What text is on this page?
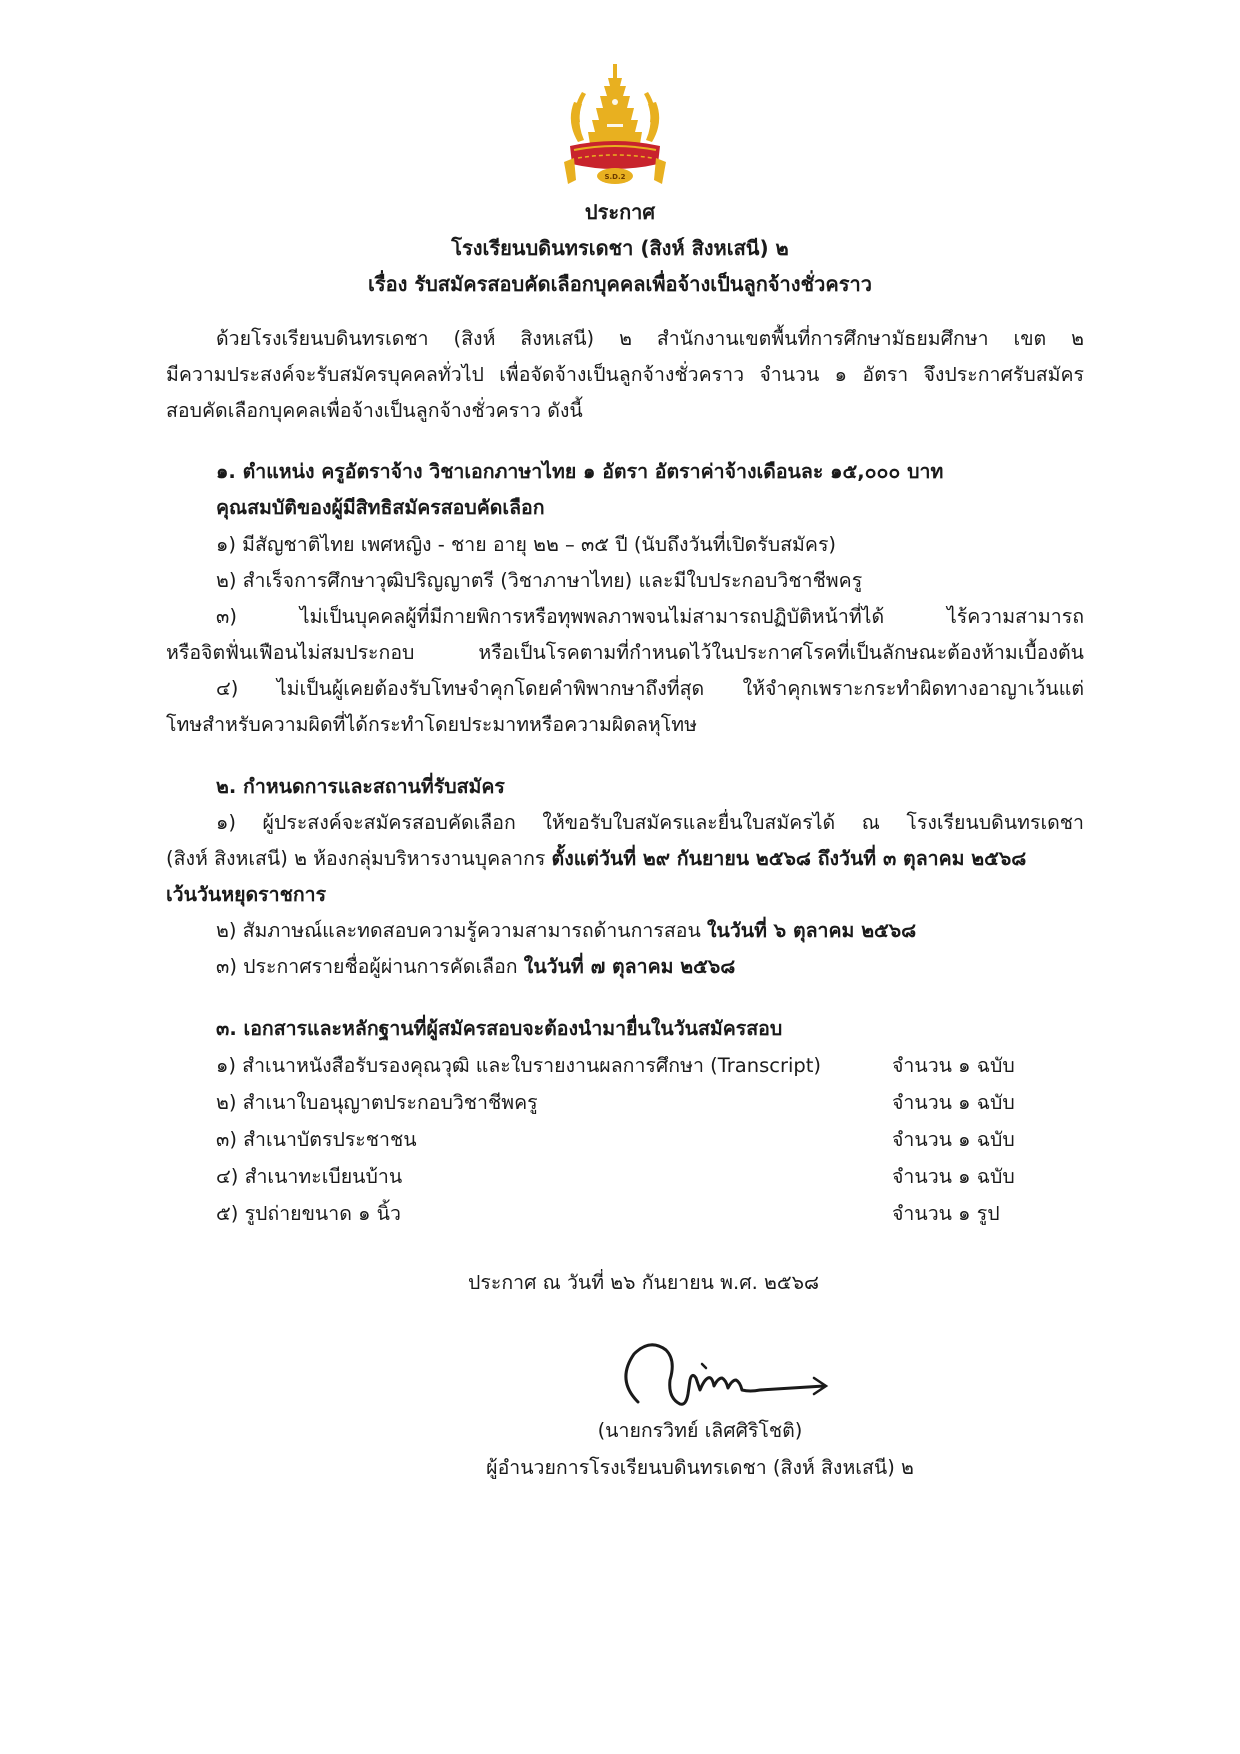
S.D.2
ประกาศ
โรงเรียนบดินทรเดชา (สิงห์ สิงหเสนี) ๒
เรื่อง รับสมัครสอบคัดเลือกบุคคลเพื่อจ้างเป็นลูกจ้างชั่วคราว
ด้วยโรงเรียนบดินทรเดชา (สิงห์ สิงหเสนี) ๒ สำนักงานเขตพื้นที่การศึกษามัธยมศึกษา เขต ๒
มีความประสงค์จะรับสมัครบุคคลทั่วไป เพื่อจัดจ้างเป็นลูกจ้างชั่วคราว จำนวน ๑ อัตรา จึงประกาศรับสมัคร
สอบคัดเลือกบุคคลเพื่อจ้างเป็นลูกจ้างชั่วคราว ดังนี้
๑. ตำแหน่ง ครูอัตราจ้าง วิชาเอกภาษาไทย ๑ อัตรา อัตราค่าจ้างเดือนละ ๑๕,๐๐๐ บาท
คุณสมบัติของผู้มีสิทธิสมัครสอบคัดเลือก
๑) มีสัญชาติไทย เพศหญิง - ชาย อายุ ๒๒ – ๓๕ ปี (นับถึงวันที่เปิดรับสมัคร)
๒) สำเร็จการศึกษาวุฒิปริญญาตรี (วิชาภาษาไทย) และมีใบประกอบวิชาชีพครู
๓) ไม่เป็นบุคคลผู้ที่มีกายพิการหรือทุพพลภาพจนไม่สามารถปฏิบัติหน้าที่ได้ ไร้ความสามารถ
หรือจิตฟั่นเฟือนไม่สมประกอบ หรือเป็นโรคตามที่กำหนดไว้ในประกาศโรคที่เป็นลักษณะต้องห้ามเบื้องต้น
๔) ไม่เป็นผู้เคยต้องรับโทษจำคุกโดยคำพิพากษาถึงที่สุด ให้จำคุกเพราะกระทำผิดทางอาญาเว้นแต่
โทษสำหรับความผิดที่ได้กระทำโดยประมาทหรือความผิดลหุโทษ
๒. กำหนดการและสถานที่รับสมัคร
๑) ผู้ประสงค์จะสมัครสอบคัดเลือก ให้ขอรับใบสมัครและยื่นใบสมัครได้ ณ โรงเรียนบดินทรเดชา
(สิงห์ สิงหเสนี) ๒ ห้องกลุ่มบริหารงานบุคลากร ตั้งแต่วันที่ ๒๙ กันยายน ๒๕๖๘ ถึงวันที่ ๓ ตุลาคม ๒๕๖๘
เว้นวันหยุดราชการ
๒) สัมภาษณ์และทดสอบความรู้ความสามารถด้านการสอน ในวันที่ ๖ ตุลาคม ๒๕๖๘
๓) ประกาศรายชื่อผู้ผ่านการคัดเลือก ในวันที่ ๗ ตุลาคม ๒๕๖๘
๓. เอกสารและหลักฐานที่ผู้สมัครสอบจะต้องนำมายื่นในวันสมัครสอบ
๑) สำเนาหนังสือรับรองคุณวุฒิ และใบรายงานผลการศึกษา (Transcript)	จำนวน ๑ ฉบับ
๒) สำเนาใบอนุญาตประกอบวิชาชีพครู	จำนวน ๑ ฉบับ
๓) สำเนาบัตรประชาชน	จำนวน ๑ ฉบับ
๔) สำเนาทะเบียนบ้าน	จำนวน ๑ ฉบับ
๕) รูปถ่ายขนาด ๑ นิ้ว	จำนวน ๑ รูป
ประกาศ ณ วันที่ ๒๖ กันยายน พ.ศ. ๒๕๖๘
(นายกรวิทย์ เลิศศิริโชติ)
ผู้อำนวยการโรงเรียนบดินทรเดชา (สิงห์ สิงหเสนี) ๒
